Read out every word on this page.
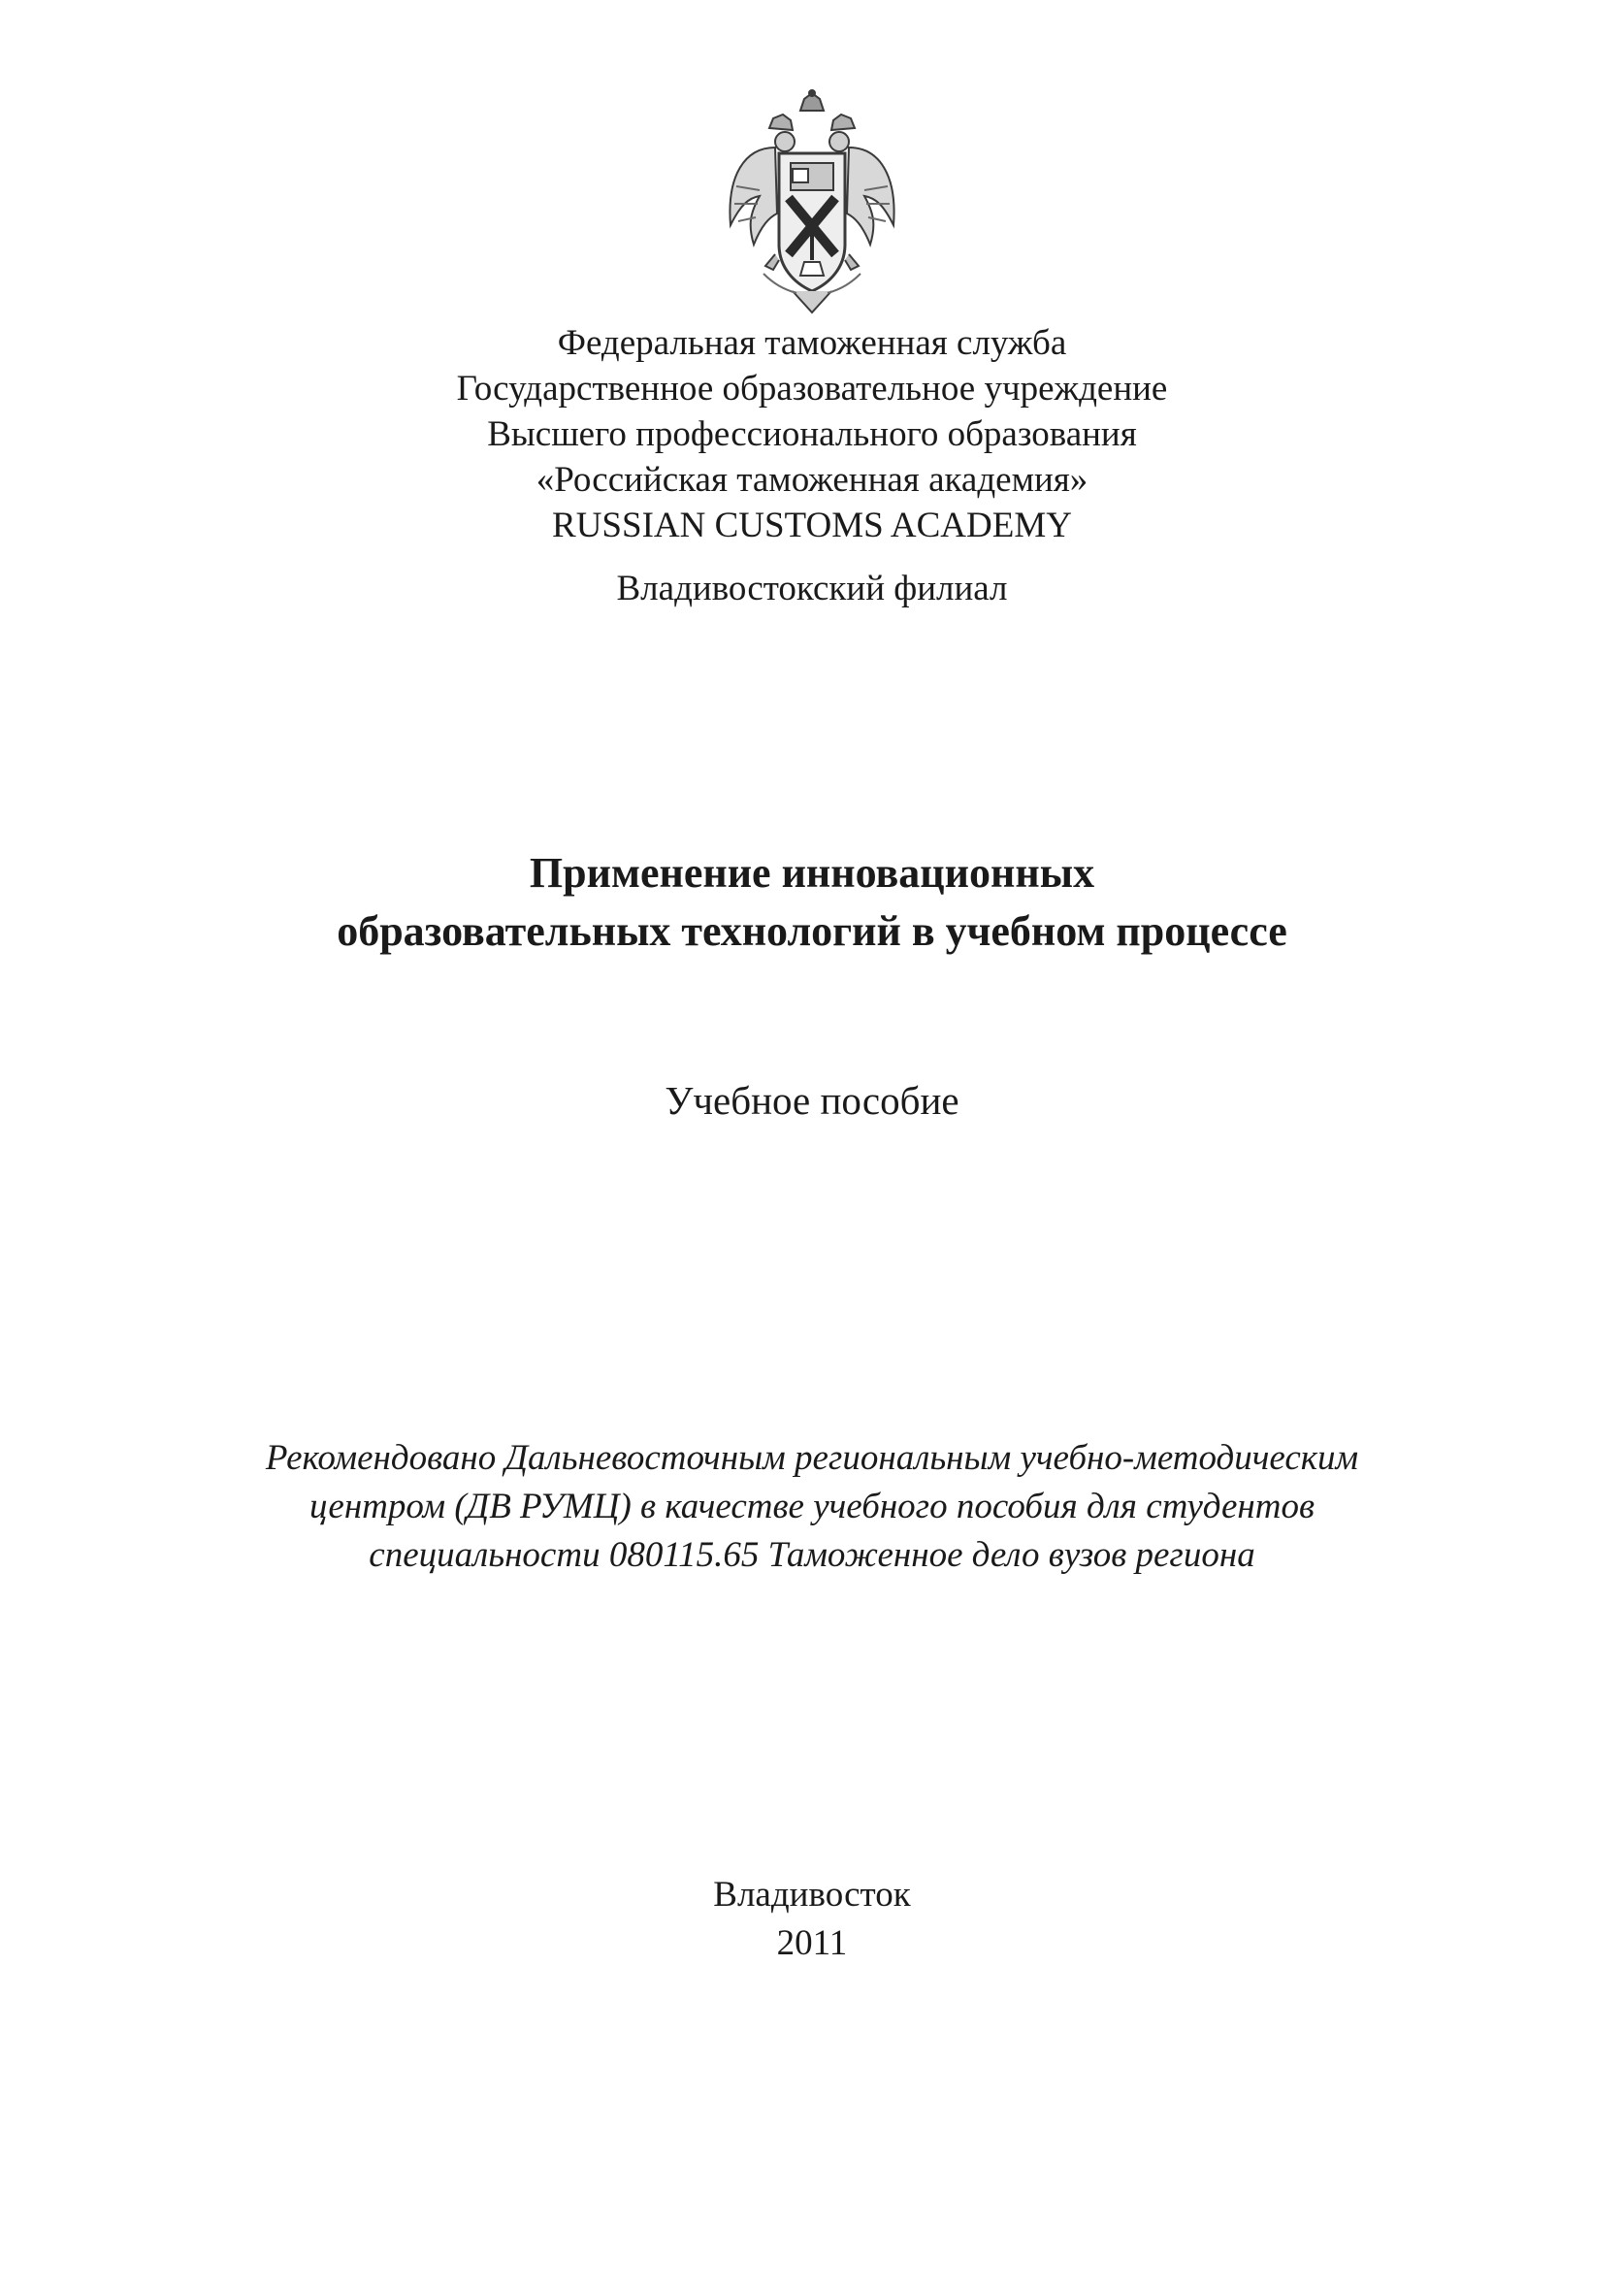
Федеральная таможенная служба
Государственное образовательное учреждение
Высшего профессионального образования
«Российская таможенная академия»
RUSSIAN CUSTOMS ACADEMY
Владивостокский филиал
Применение инновационных
образовательных технологий в учебном процессе
Учебное пособие
Рекомендовано Дальневосточным региональным учебно-методическим
центром (ДВ РУМЦ) в качестве учебного пособия для студентов
специальности 080115.65 Таможенное дело вузов региона
Владивосток
2011
